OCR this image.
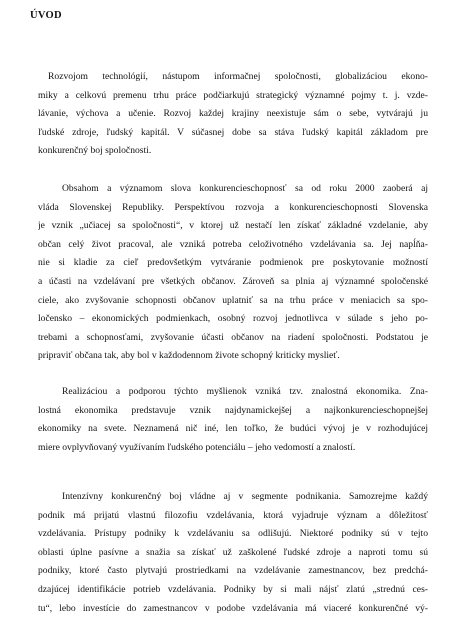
ÚVOD
Rozvojom technológií, nástupom informačnej spoločnosti, globalizáciou ekono-
miky a celkovú premenu trhu práce podčiarkujú strategický významné pojmy t. j. vzde-
lávanie, výchova a učenie. Rozvoj každej krajiny neexistuje sám o sebe, vytvárajú ju
ľudské zdroje, ľudský kapitál. V súčasnej dobe sa stáva ľudský kapitál základom pre
konkurenčný boj spoločnosti.
Obsahom a významom slova konkurencieschopnosť sa od roku 2000 zaoberá aj
vláda Slovenskej Republiky. Perspektívou rozvoja a konkurencieschopnosti Slovenska
je vznik „učiacej sa spoločnosti“, v ktorej už nestačí len získať základné vzdelanie, aby
občan celý život pracoval, ale vzniká potreba celoživotného vzdelávania sa. Jej napĺňa-
nie si kladie za cieľ predovšetkým vytváranie podmienok pre poskytovanie možností
a účasti na vzdelávaní pre všetkých občanov. Zároveň sa plnia aj významné spoločenské
ciele, ako zvyšovanie schopnosti občanov uplatniť sa na trhu práce v meniacich sa spo-
ločensko – ekonomických podmienkach, osobný rozvoj jednotlivca v súlade s jeho po-
trebami a schopnosťami, zvyšovanie účasti občanov na riadení spoločnosti. Podstatou je
pripraviť občana tak, aby bol v každodennom živote schopný kriticky myslieť.
Realizáciou a podporou týchto myšlienok vzniká tzv. znalostná ekonomika. Zna-
lostná ekonomika predstavuje vznik najdynamickejšej a najkonkurencieschopnejšej
ekonomiky na svete. Neznamená nič iné, len toľko, že budúci vývoj je v rozhodujúcej
miere ovplyvňovaný využívaním ľudského potenciálu – jeho vedomostí a znalostí.
Intenzívny konkurenčný boj vládne aj v segmente podnikania. Samozrejme každý
podnik má prijatú vlastnú filozofiu vzdelávania, ktorá vyjadruje význam a dôležitosť
vzdelávania. Prístupy podniky k vzdelávaniu sa odlišujú. Niektoré podniky sú v tejto
oblasti úplne pasívne a snažia sa získať už zaškolené ľudské zdroje a naproti tomu sú
podniky, ktoré často plytvajú prostriedkami na vzdelávanie zamestnancov, bez predchá-
dzajúcej identifikácie potrieb vzdelávania. Podniky by si mali nájsť zlatú „strednú ces-
tu“, lebo investície do zamestnancov v podobe vzdelávania má viaceré konkurenčné vý-
